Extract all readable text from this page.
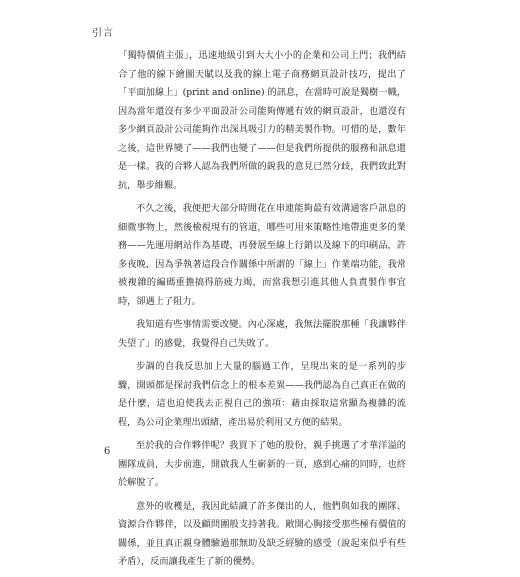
引言

「獨特價值主張」，迅速地級引到大大小小的企業和公司上門；我們結合了他的線下繪圖天賦以及我的線上電子商務網頁設計技巧，提出了「平面加線上」(print and online) 的訊息，在當時可說是獨樹一幟，因為當年還沒有多少平面設計公司能夠傳遞有效的網頁設計，也還沒有多少網頁設計公司能夠作出深具吸引力的精美製作物。可惜的是，數年之後，這世界變了——我們也變了——但是我們所提供的服務和訊息還是一樣。我的合夥人認為我們所做的銳我的意見已然分歧，我們致此對抗，舉步維艱。

不久之後，我便把大部分時間花在串連能夠最有效溝通客戶訊息的細微事物上，然後檢視現有的管道，哪些可用來策略性地帶進更多的業務——先運用網站作為基礎，再發展至線上行銷以及線下的印刷品，許多夜晚，因為爭執著這段合作關係中所謂的「線上」作業端功能，我常被複雜的編碼重擔搞得筋疲力竭，而當我想引進其他人負責製作事宜時，卻遇上了阻力。

我知道有些事情需要改變。內心深處，我無法擺脫那種「我讓夥伴失望了」的感覺，我覺得自己失敗了。

步調的自我反思加上大量的腦過工作，呈現出來的是一系列的步驟，開頭都是探討我們信念上的根本差異——我們認為自己真正在做的是什麼，這也迫使我去正視自己的強項：藉由採取這常顯為複雜的流程，為公司企業理出頭緒，產出易於利用又方便的結果。

至於我的合作夥伴呢？我買下了她的股份，親手挑選了才華洋溢的團隊成員，大步前進，開啟我人生嶄新的一頁，感到心痛的同時，也終於解脫了。

意外的收穫是，我因此結識了許多傑出的人，他們與如我的團隊、資源合作夥伴，以及顧問團般支持著我。敞開心胸接受那些極有價值的關係，並且真正親身體驗過那無助及缺乏經驗的感受（說起來似乎有些矛盾），反而讓我產生了新的優勢。

6
